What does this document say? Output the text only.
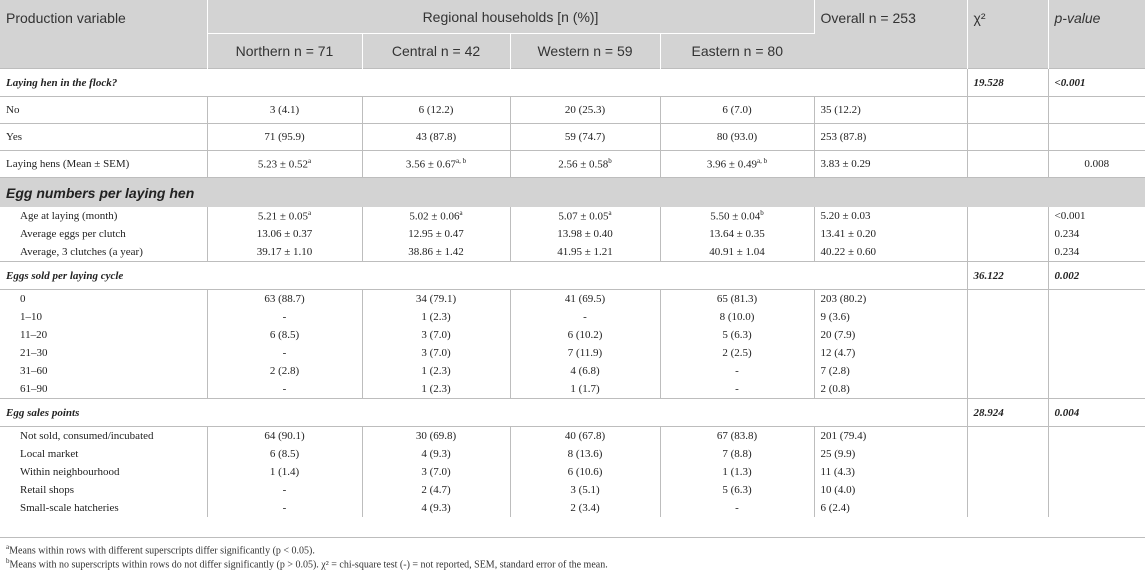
Production variable	Regional households [n (%)]				Overall n = 253	χ²	p-value
	Northern n = 71	Central n = 42	Western n = 59	Eastern n = 80			
Laying hen in the flock?						19.528	<0.001
No	3 (4.1)	6 (12.2)	20 (25.3)	6 (7.0)	35 (12.2)		
Yes	71 (95.9)	43 (87.8)	59 (74.7)	80 (93.0)	253 (87.8)		
Laying hens (Mean ± SEM)	5.23 ± 0.52$^a$	$3.56 \pm 0.67^{a, b}$	2.56 ± 0.58$^b$	$3.96 \pm 0.49^{a, b}$	3.83 ± 0.29		0.008
Egg numbers per laying hen							
Age at laying (month)	5.21 ± 0.05$^a$	5.02 ± 0.06$^a$	5.07 ± 0.05$^a$	5.50 ± 0.04$^b$	5.20 ± 0.03		<0.001
Average eggs per clutch	13.06 ± 0.37	12.95 ± 0.47	13.98 ± 0.40	13.64 ± 0.35	13.41 ± 0.20		0.234
Average, 3 clutches (a year)	39.17 ± 1.10	38.86 ± 1.42	41.95 ± 1.21	40.91 ± 1.04	40.22 ± 0.60		0.234
Eggs sold per laying cycle						36.122	0.002
0	63 (88.7)	34 (79.1)	41 (69.5)	65 (81.3)	203 (80.2)		
1–10	-	1 (2.3)	-	8 (10.0)	9 (3.6)		
11–20	6 (8.5)	3 (7.0)	6 (10.2)	5 (6.3)	20 (7.9)		
21–30	-	3 (7.0)	7 (11.9)	2 (2.5)	12 (4.7)		
31–60	2 (2.8)	1 (2.3)	4 (6.8)	-	7 (2.8)		
61–90	-	1 (2.3)	1 (1.7)	-	2 (0.8)		
Egg sales points						28.924	0.004
Not sold, consumed/incubated	64 (90.1)	30 (69.8)	40 (67.8)	67 (83.8)	201 (79.4)		
Local market	6 (8.5)	4 (9.3)	8 (13.6)	7 (8.8)	25 (9.9)		
Within neighbourhood	1 (1.4)	3 (7.0)	6 (10.6)	1 (1.3)	11 (4.3)		
Retail shops	-	2 (4.7)	3 (5.1)	5 (6.3)	10 (4.0)		
Small-scale hatcheries	-	4 (9.3)	2 (3.4)	-	6 (2.4)		
$^a$Means within rows with different superscripts differ significantly (p < 0.05).
$^b$Means with no superscripts within rows do not differ significantly (p > 0.05). χ² = chi-square test (-) = not reported, SEM, standard error of the mean.
